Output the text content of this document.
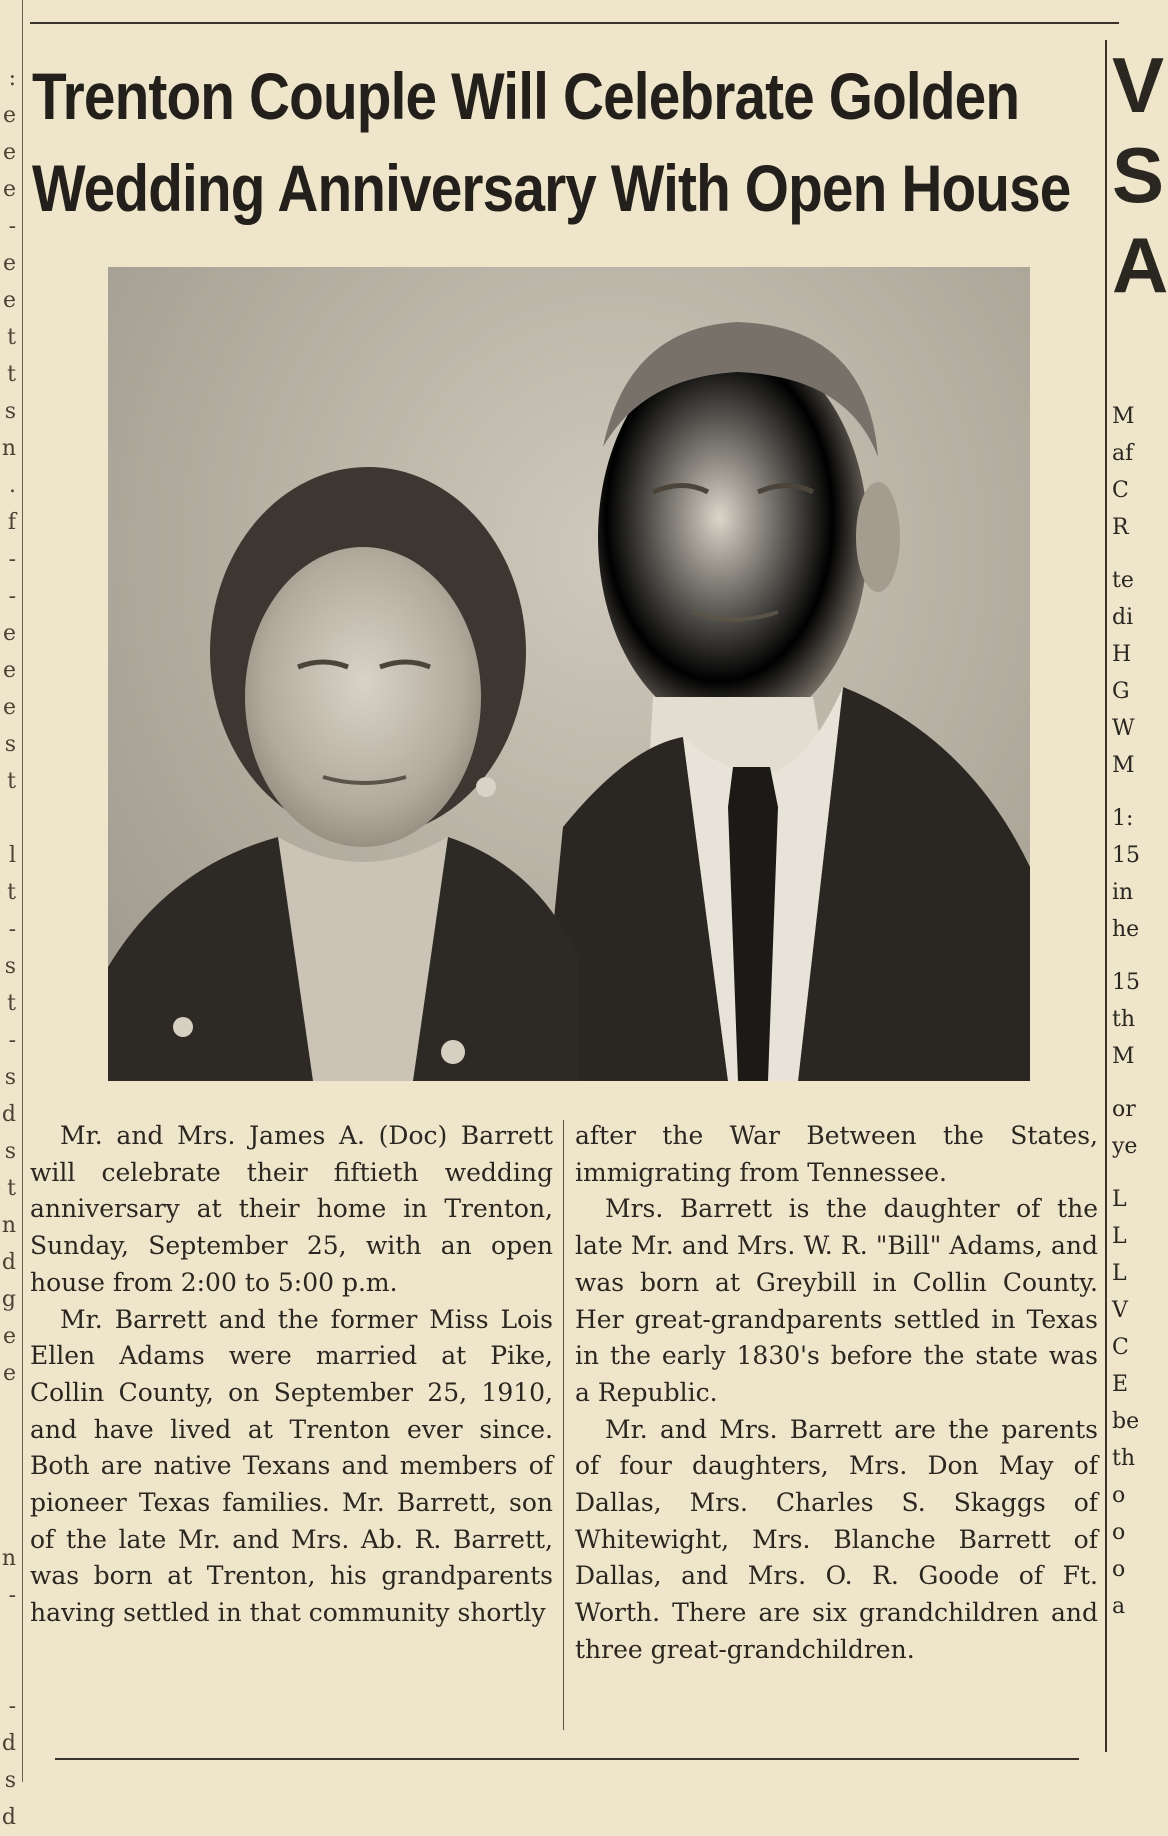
:
e
e
e
-
e
e
t
t
s
n
.
f
-
-
e
e
e
s
t
l
t
-
s
t
-
s
d
s
t
n
d
g
e
e
n
-
-
d
s
d
V
S
A
M
af
C
R
te
di
H
G
W
M
1:
15
in
he
15
th
M
or
ye
L
L
L
V
C
E
be
th
o
o
o
a
Trenton Couple Will Celebrate Golden
Wedding Anniversary With Open House

Mr. and Mrs. James A. (Doc) Barrett will celebrate their fiftieth wedding anniversary at their home in Trenton, Sunday, September 25, with an open house from 2:00 to 5:00 p.m.

Mr. Barrett and the former Miss Lois Ellen Adams were married at Pike, Collin County, on September 25, 1910, and have lived at Trenton ever since. Both are native Texans and members of pioneer Texas families. Mr. Barrett, son of the late Mr. and Mrs. Ab. R. Barrett, was born at Trenton, his grandparents having settled in that community shortly

after the War Between the States, immigrating from Tennessee.

Mrs. Barrett is the daughter of the late Mr. and Mrs. W. R. "Bill" Adams, and was born at Greybill in Collin County. Her great-grandparents settled in Texas in the early 1830's before the state was a Republic.

Mr. and Mrs. Barrett are the parents of four daughters, Mrs. Don May of Dallas, Mrs. Charles S. Skaggs of Whitewight, Mrs. Blanche Barrett of Dallas, and Mrs. O. R. Goode of Ft. Worth. There are six grandchildren and three great-grandchildren.
